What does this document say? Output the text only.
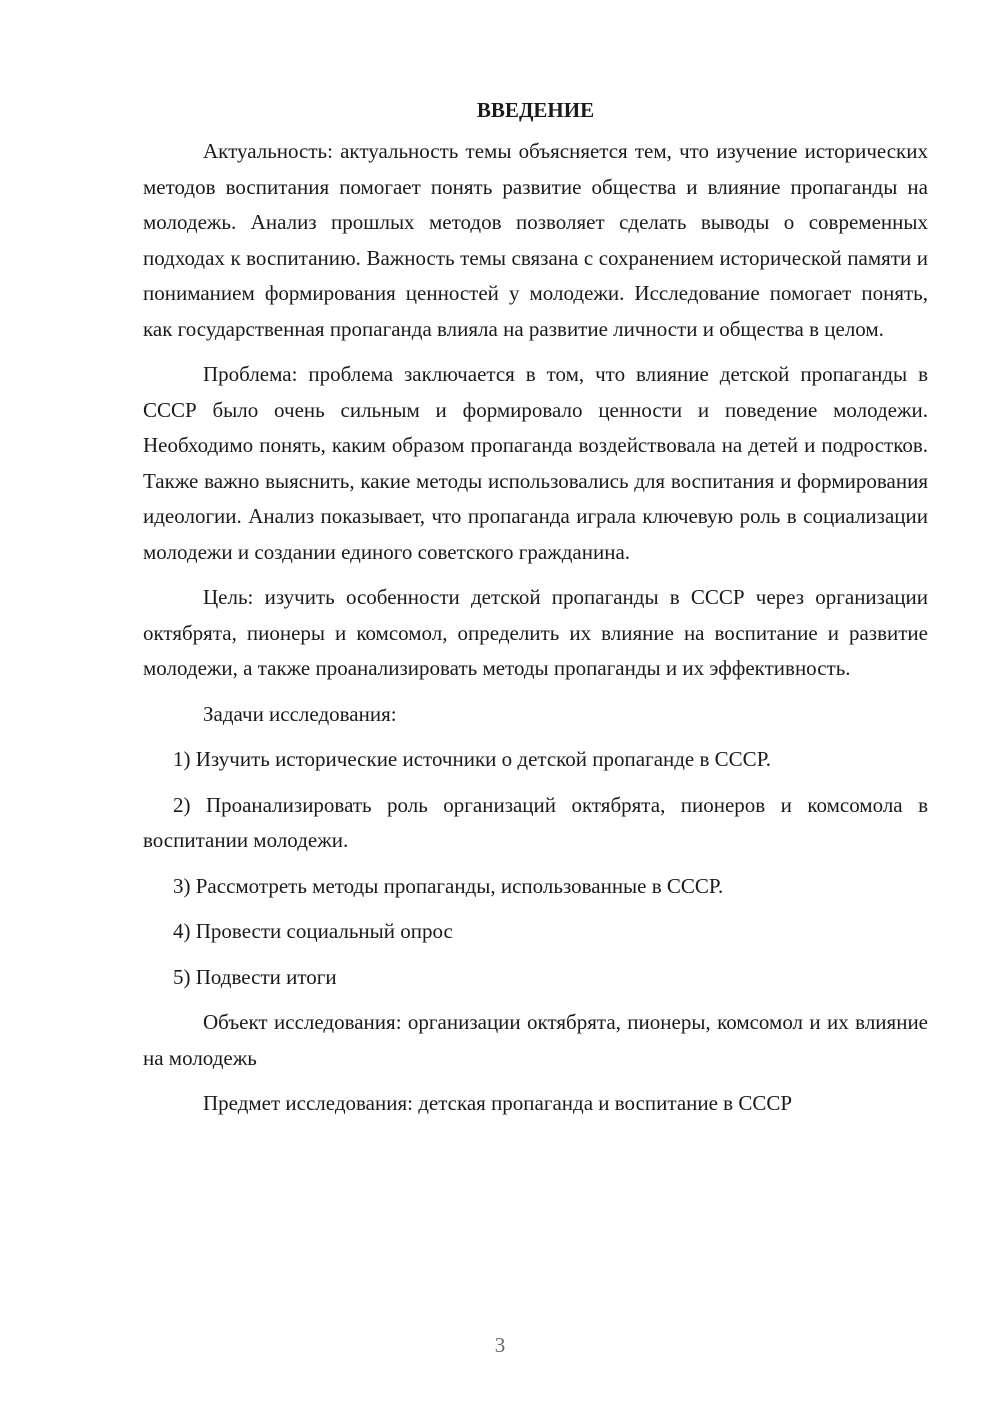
ВВЕДЕНИЕ

Актуальность: актуальность темы объясняется тем, что изучение исторических методов воспитания помогает понять развитие общества и влияние пропаганды на молодежь. Анализ прошлых методов позволяет сделать выводы о современных подходах к воспитанию. Важность темы связана с сохранением исторической памяти и пониманием формирования ценностей у молодежи. Исследование помогает понять, как государственная пропаганда влияла на развитие личности и общества в целом.

Проблема: проблема заключается в том, что влияние детской пропаганды в СССР было очень сильным и формировало ценности и поведение молодежи. Необходимо понять, каким образом пропаганда воздействовала на детей и подростков. Также важно выяснить, какие методы использовались для воспитания и формирования идеологии. Анализ показывает, что пропаганда играла ключевую роль в социализации молодежи и создании единого советского гражданина.

Цель: изучить особенности детской пропаганды в СССР через организации октябрята, пионеры и комсомол, определить их влияние на воспитание и развитие молодежи, а также проанализировать методы пропаганды и их эффективность.

Задачи исследования:

1) Изучить исторические источники о детской пропаганде в СССР.

2) Проанализировать роль организаций октябрята, пионеров и комсомола в воспитании молодежи.

3) Рассмотреть методы пропаганды, использованные в СССР.

4) Провести социальный опрос

5) Подвести итоги

Объект исследования: организации октябрята, пионеры, комсомол и их влияние на молодежь

Предмет исследования: детская пропаганда и воспитание в СССР

3
